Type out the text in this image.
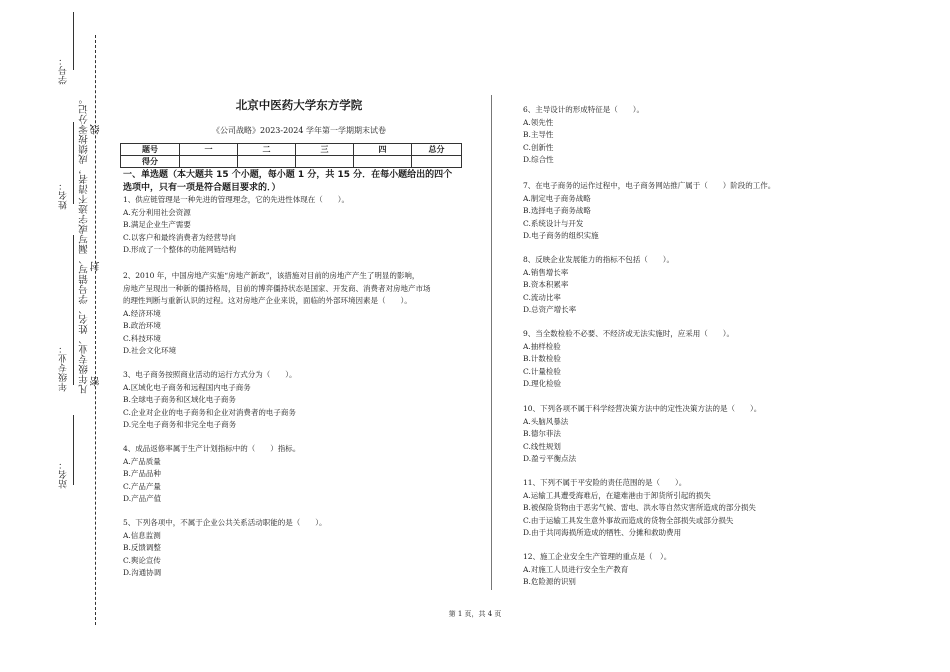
学号：
姓名：
年级专业：
站名：
凡年级专业、姓名、学号错写、漏写或字迹不清者，成绩按零分记。 线
封
密
北京中医药大学东方学院
《公司战略》2023-2024 学年第一学期期末试卷
题号	一	二	三	四	总分
得分					
一、单选题（本大题共 15 个小题，每小题 1 分，共 15 分．在每小题给出的四个
选项中，只有一项是符合题目要求的．）

1、供应链管理是一种先进的管理理念，它的先进性体现在（　　）。

A.充分利用社会资源

B.满足企业生产需要

C.以客户和最终消费者为经营导向

D.形成了一个整体的功能网链结构

2、2010 年，中国房地产实施“房地产新政”，该措施对目前的房地产产生了明显的影响，

房地产呈现出一种新的僵持格局，目前的博弈僵持状态是国家、开发商、消费者对房地产市场

的理性判断与重新认识的过程。这对房地产企业来说，面临的外部环境因素是（　　）。

A.经济环境

B.政治环境

C.科技环境

D.社会文化环境

3、电子商务按照商业活动的运行方式分为（　　）。

A.区域化电子商务和远程国内电子商务

B.全球电子商务和区域化电子商务

C.企业对企业的电子商务和企业对消费者的电子商务

D.完全电子商务和非完全电子商务

4、成品返修率属于生产计划指标中的（　　）指标。

A.产品质量

B.产品品种

C.产品产量

D.产品产值

5、下列各项中，不属于企业公共关系活动职能的是（　　）。

A.信息监测

B.反馈调整

C.舆论宣传

D.沟通协调

6、主导设计的形成特征是（　　）。

A.领先性

B.主导性

C.创新性

D.综合性

7、在电子商务的运作过程中，电子商务网站推广属于（　　）阶段的工作。

A.制定电子商务战略

B.选择电子商务战略

C.系统设计与开发

D.电子商务的组织实施

8、反映企业发展能力的指标不包括（　　）。

A.销售增长率

B.资本积累率

C.流动比率

D.总资产增长率

9、当全数检验不必要、不经济或无法实施时，应采用（　　）。

A.抽样检验

B.计数检验

C.计量检验

D.理化检验

10、下列各项不属于科学经营决策方法中的定性决策方法的是（　　）。

A.头脑风暴法

B.德尔菲法

C.线性规划

D.盈亏平衡点法

11、下列不属于平安险的责任范围的是（　　）。

A.运输工具遭受海难后，在避难港由于卸货所引起的损失

B.被保险货物由于恶劣气候、雷电、洪水等自然灾害所造成的部分损失

C.由于运输工具发生意外事故而造成的货物全部损失或部分损失

D.由于共同海损所造成的牺牲、分摊和救助费用

12、施工企业安全生产管理的重点是（　）。

A.对施工人员进行安全生产教育

B.危险源的识别

第 1 页，共 4 页
